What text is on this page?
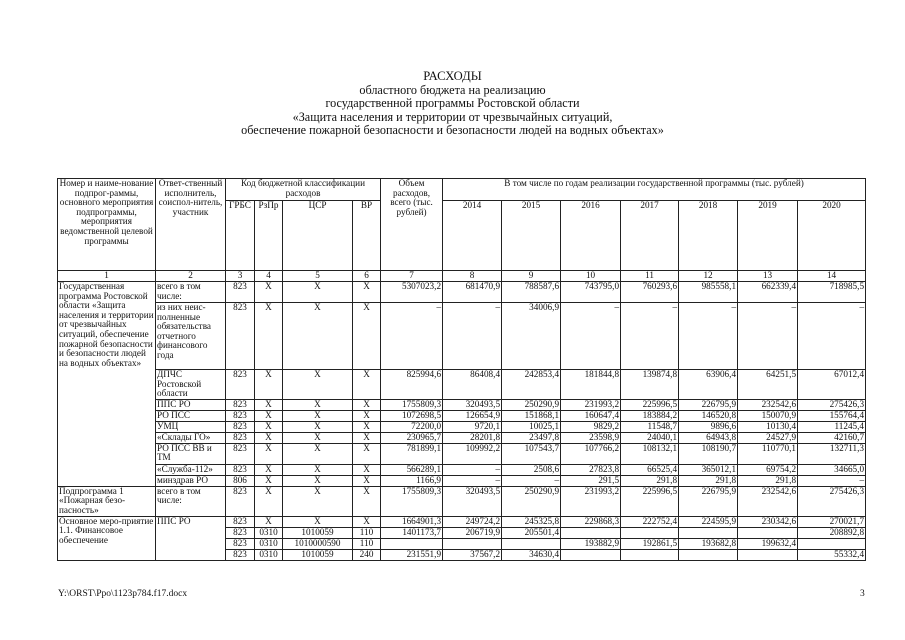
РАСХОДЫ
областного бюджета на реализацию
государственной программы Ростовской области
«Защита населения и территории от чрезвычайных ситуаций,
обеспечение пожарной безопасности и безопасности людей на водных объектах»
Номер и наиме-нование подпрог-раммы, основного мероприятия подпрограммы, мероприятия ведомственной целевой программы	Ответ-ственный исполнитель, соиспол-нитель, участник	Код бюджетной классификации расходов				Объем расходов, всего (тыс. рублей)	В том числе по годам реализации государственной программы (тыс. рублей)						
		ГРБС	РзПр	ЦСР	ВР		2014	2015	2016	2017	2018	2019	2020
1	2	3	4	5	6	7	8	9	10	11	12	13	14
Государственная программа Ростовской области «Защита населения и территории от чрезвычайных ситуаций, обеспечение пожарной безопасности и безопасности людей на водных объектах»	всего в том числе:	823	Х	Х	Х	5307023,2	681470,9	788587,6	743795,0	760293,6	985558,1	662339,4	718985,5
	из них неис-полненные обязательства отчетного финансового года	823	Х	Х	Х	–	–	34006,9	–	–	–	–	–
	ДПЧС Ростовской области	823	Х	Х	Х	825994,6	86408,4	242853,4	181844,8	139874,8	63906,4	64251,5	67012,4
	ППС РО	823	Х	Х	Х	1755809,3	320493,5	250290,9	231993,2	225996,5	226795,9	232542,6	275426,3
	РО ПСС	823	Х	Х	Х	1072698,5	126654,9	151868,1	160647,4	183884,2	146520,8	150070,9	155764,4
	УМЦ	823	Х	Х	Х	72200,0	9720,1	10025,1	9829,2	11548,7	9896,6	10130,4	11245,4
	«Склады ГО»	823	Х	Х	Х	230965,7	28201,8	23497,8	23598,9	24040,1	64943,8	24527,9	42160,7
	РО ПСС ВВ и ТМ	823	Х	Х	Х	781899,1	109992,2	107543,7	107766,2	108132,1	108190,7	110770,1	132711,3
	«Служба-112»	823	Х	Х	Х	566289,1	–	2508,6	27823,8	66525,4	365012,1	69754,2	34665,0
	минздрав РО	806	Х	Х	Х	1166,9	–	–	291,5	291,8	291,8	291,8	–
Подпрограмма 1 «Пожарная безо-пасность»	всего в том числе:	823	Х	Х	Х	1755809,3	320493,5	250290,9	231993,2	225996,5	226795,9	232542,6	275426,3
Основное меро-приятие 1.1. Финансовое обеспечение	ППС РО	823	Х	Х	Х	1664901,3	249724,2	245325,8	229868,3	222752,4	224595,9	230342,6	270021,7
		823	0310	1010059	110	1401173,7	206719,9	205501,4					208892,8
		823	0310	1010000590	110				193882,9	192861,5	193682,8	199632,4	
		823	0310	1010059	240	231551,9	37567,2	34630,4					55332,4
Y:\ORST\Ppo\1123p784.f17.docx	3
